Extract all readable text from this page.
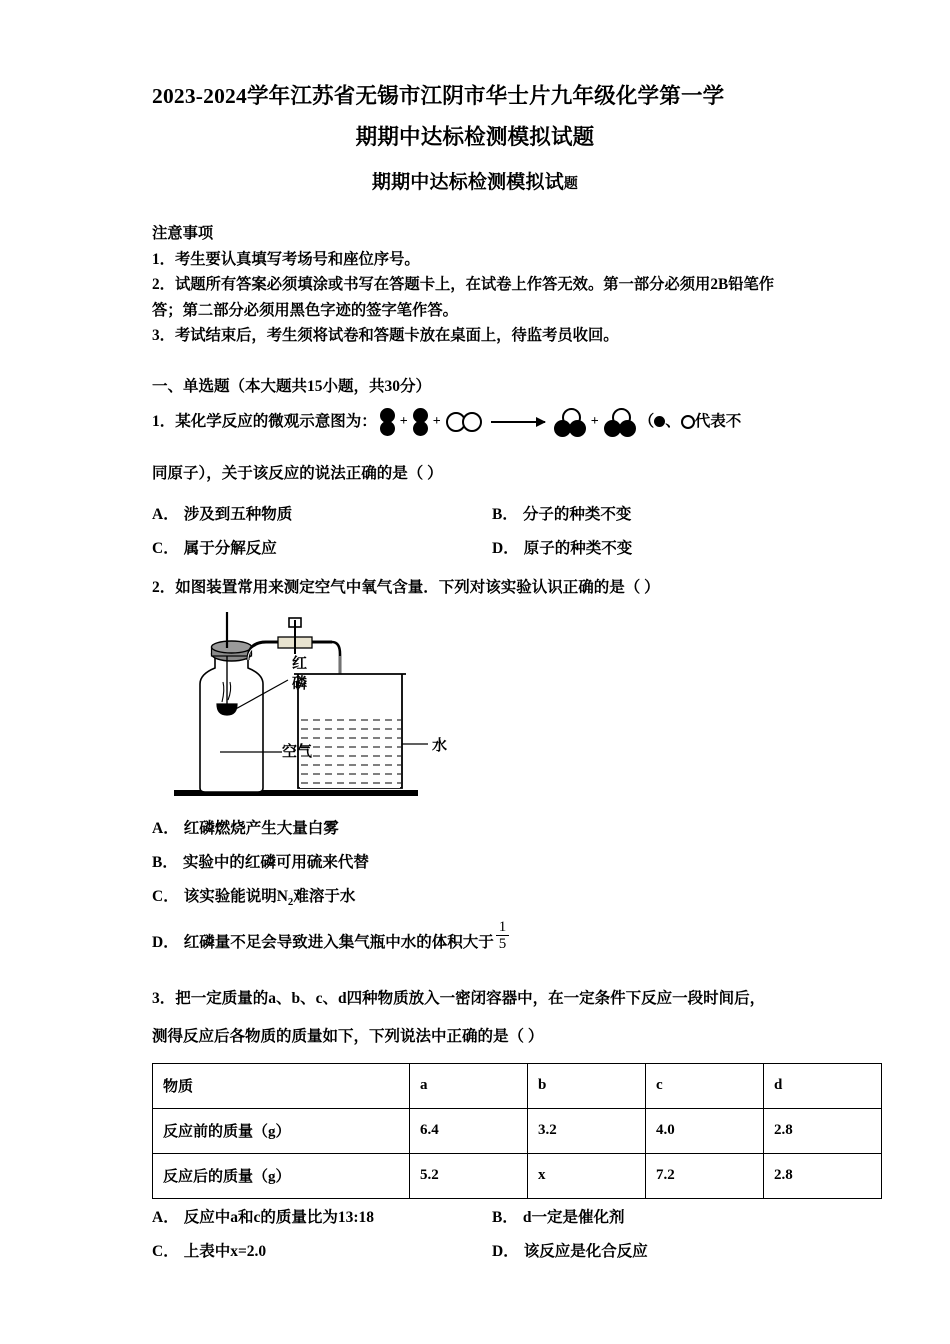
2023-2024学年江苏省无锡市江阴市华士片九年级化学第一学
期期中达标检测模拟试题
期期中达标检测模拟试题

注意事项

1．考生要认真填写考场号和座位序号。

2．试题所有答案必须填涂或书写在答题卡上，在试卷上作答无效。第一部分必须用2B铅笔作答；第二部分必须用黑色字迹的签字笔作答。

3．考试结束后，考生须将试卷和答题卡放在桌面上，待监考员收回。

一、单选题（本大题共15小题，共30分）
1． 某化学反应的微观示意图为： + +	+	（ 、 代表不
同原子），关于该反应的说法正确的是（ ）
A． 涉及到五种物质	B． 分子的种类不变
C． 属于分解反应	D． 原子的种类不变
2．如图装置常用来测定空气中氧气含量．下列对该实验认识正确的是（ ）
红磷
空气	水
A． 红磷燃烧产生大量白雾
B． 实验中的红磷可用硫来代替
C． 该实验能说明$N_2$难溶于水
D． 红磷量不足会导致进入集气瓶中水的体积大于 $\frac{1}{5}$
3．把一定质量的a、b、c、d四种物质放入一密闭容器中，在一定条件下反应一段时间后，
测得反应后各物质的质量如下，下列说法中正确的是（ ）
物质	a	b	c	d
反应前的质量（g）	6.4	3.2	4.0	2.8
反应后的质量（g）	5.2	x	7.2	2.8
A． 反应中a和c的质量比为13:18	B． d一定是催化剂
C． 上表中x=2.0	D． 该反应是化合反应
